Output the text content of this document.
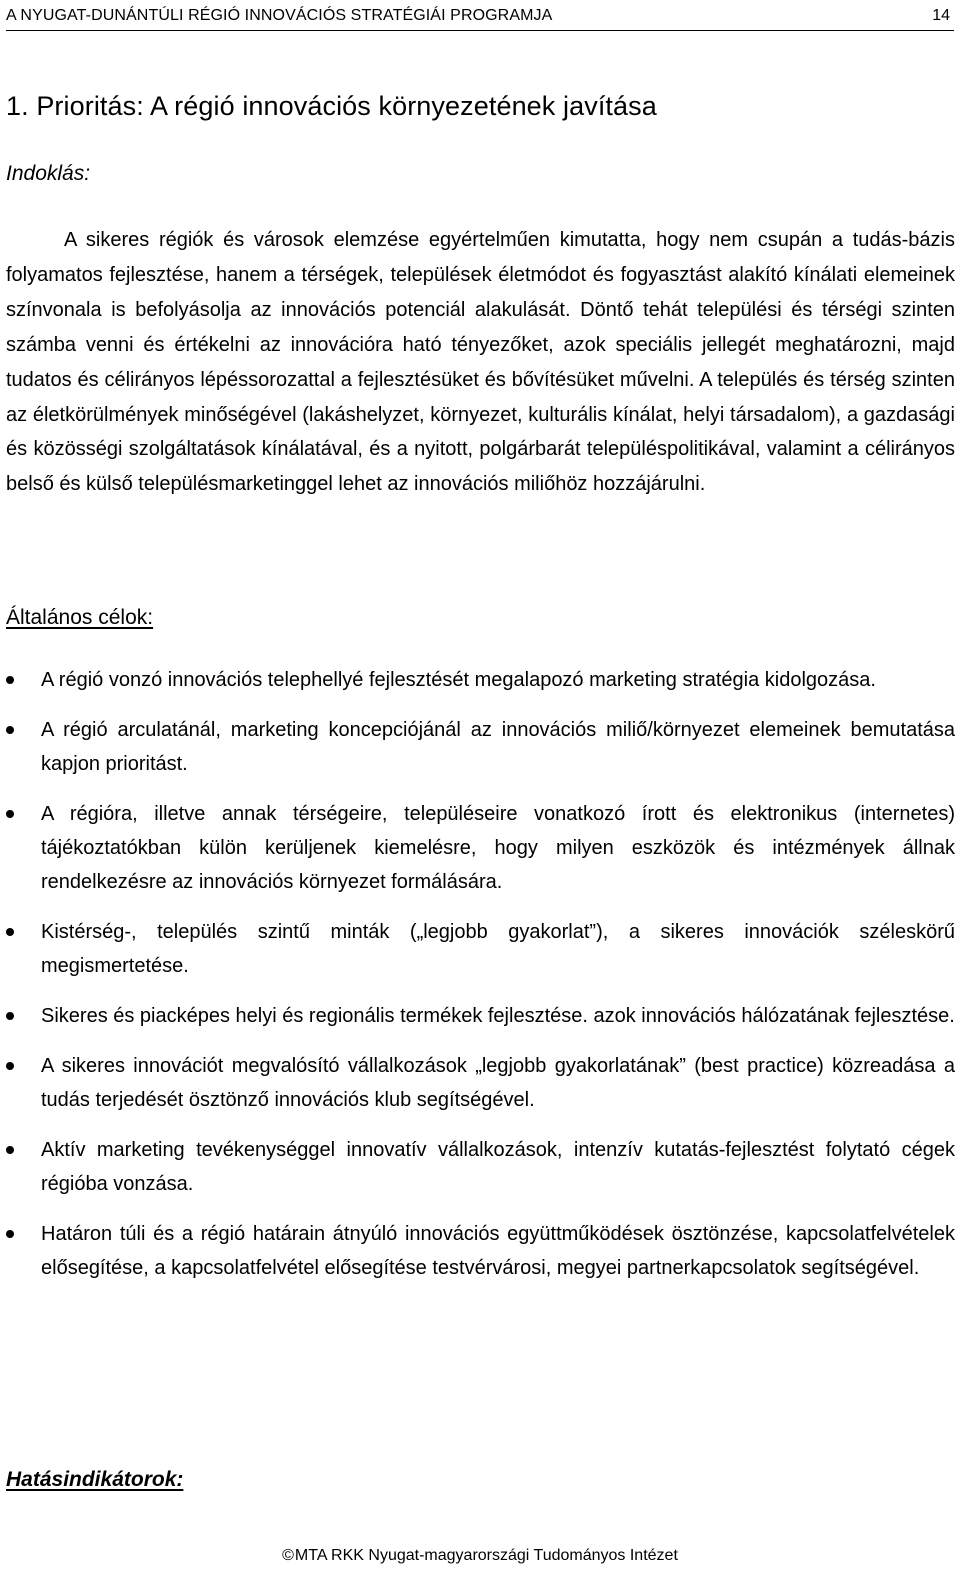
A NYUGAT-DUNÁNTÚLI RÉGIÓ INNOVÁCIÓS STRATÉGIÁI PROGRAMJA	14
1. Prioritás: A régió innovációs környezetének javítása

Indoklás:

A sikeres régiók és városok elemzése egyértelműen kimutatta, hogy nem csupán a tudás-bázis folyamatos fejlesztése, hanem a térségek, települések életmódot és fogyasztást alakító kínálati elemeinek színvonala is befolyásolja az innovációs potenciál alakulását. Döntő tehát települési és térségi szinten számba venni és értékelni az innovációra ható tényezőket, azok speciális jellegét meghatározni, majd tudatos és célirányos lépéssorozattal a fejlesztésüket és bővítésüket művelni. A település és térség szinten az életkörülmények minőségével (lakáshelyzet, környezet, kulturális kínálat, helyi társadalom), a gazdasági és közösségi szolgáltatások kínálatával, és a nyitott, polgárbarát településpolitikával, valamint a célirányos belső és külső településmarketinggel lehet az innovációs miliőhöz hozzájárulni.

Általános célok:
A régió vonzó innovációs telephellyé fejlesztését megalapozó marketing stratégia kidolgozása.
A régió arculatánál, marketing koncepciójánál az innovációs miliő/környezet elemeinek bemutatása kapjon prioritást.
A régióra, illetve annak térségeire, településeire vonatkozó írott és elektronikus (internetes) tájékoztatókban külön kerüljenek kiemelésre, hogy milyen eszközök és intézmények állnak rendelkezésre az innovációs környezet formálására.
Kistérség-, település szintű minták („legjobb gyakorlat”), a sikeres innovációk széleskörű megismertetése.
Sikeres és piacképes helyi és regionális termékek fejlesztése. azok innovációs hálózatának fejlesztése.
A sikeres innovációt megvalósító vállalkozások „legjobb gyakorlatának” (best practice) közreadása a tudás terjedését ösztönző innovációs klub segítségével.
Aktív marketing tevékenységgel innovatív vállalkozások, intenzív kutatás-fejlesztést folytató cégek régióba vonzása.
Határon túli és a régió határain átnyúló innovációs együttműködések ösztönzése, kapcsolatfelvételek elősegítése, a kapcsolatfelvétel elősegítése testvérvárosi, megyei partnerkapcsolatok segítségével.
Hatásindikátorok:
©MTA RKK Nyugat-magyarországi Tudományos Intézet
